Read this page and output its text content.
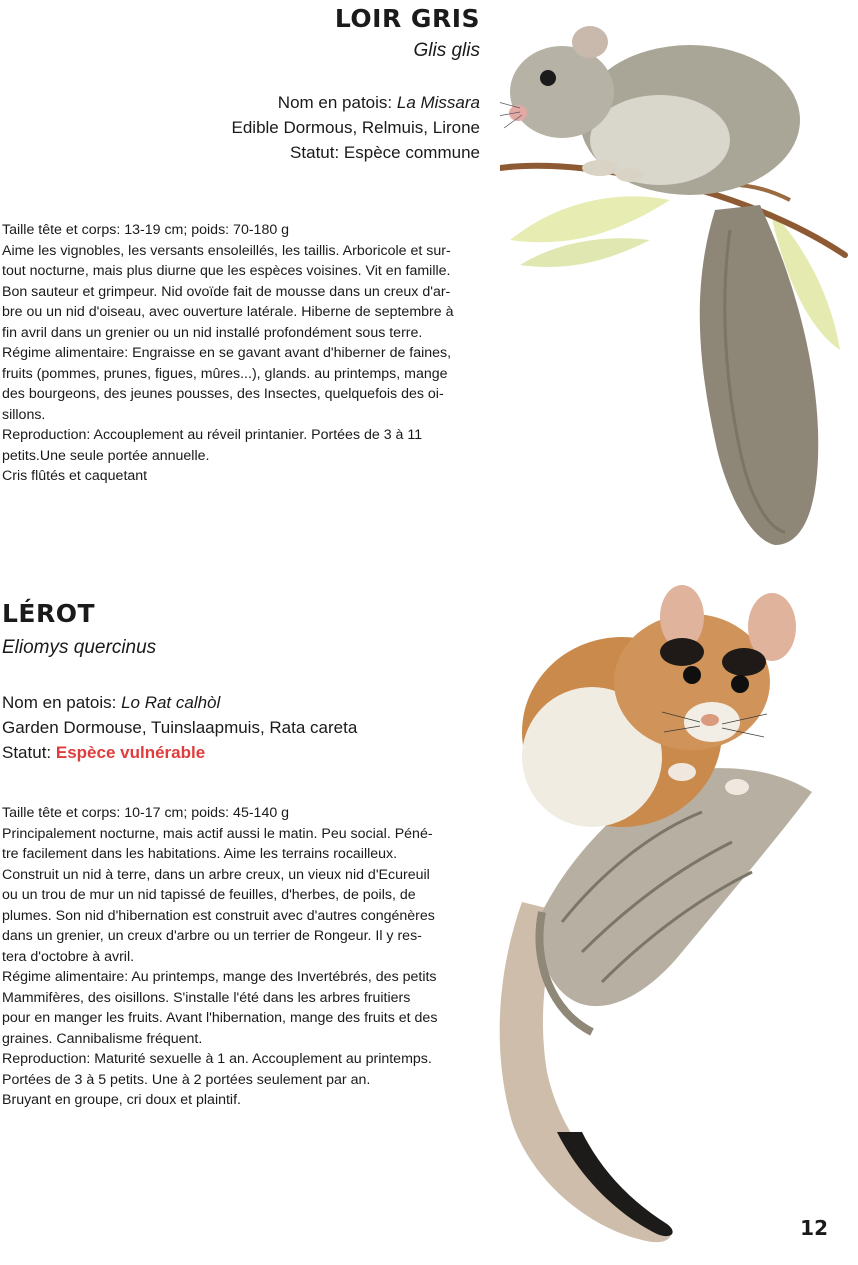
LOIR GRIS
Glis glis

Nom en patois: La Missara

Edible Dormous, Relmuis, Lirone

Statut: Espèce commune

Taille tête et corps: 13-19 cm; poids: 70-180 g

Aime les vignobles, les versants ensoleillés, les taillis. Arboricole et sur-

tout nocturne, mais plus diurne que les espèces voisines. Vit en famille.

Bon sauteur et grimpeur. Nid ovoïde fait de mousse dans un creux d'ar-

bre ou un nid d'oiseau, avec ouverture latérale. Hiberne de septembre à

fin avril dans un grenier ou un nid installé profondément sous terre.

Régime alimentaire: Engraisse en se gavant avant d'hiberner de faines,

fruits (pommes, prunes, figues, mûres...), glands. au printemps, mange

des bourgeons, des jeunes pousses, des Insectes, quelquefois des oi-

sillons.

Reproduction: Accouplement au réveil printanier. Portées de 3 à 11

petits.Une seule portée annuelle.

Cris flûtés et caquetant

LÉROT
Eliomys quercinus

Nom en patois: Lo Rat calhòl

Garden Dormouse, Tuinslaapmuis, Rata careta

Statut: Espèce vulnérable

Taille tête et corps: 10-17 cm; poids: 45-140 g

Principalement nocturne, mais actif aussi le matin. Peu social. Péné-

tre facilement dans les habitations. Aime les terrains rocailleux.

Construit un nid à terre, dans un arbre creux, un vieux nid d'Ecureuil

ou un trou de mur un nid tapissé de feuilles, d'herbes, de poils, de

plumes. Son nid d'hibernation est construit avec d'autres congénères

dans un grenier, un creux d'arbre ou un terrier de Rongeur. Il y res-

tera d'octobre à avril.

Régime alimentaire: Au printemps, mange des Invertébrés, des petits

Mammifères, des oisillons. S'installe l'été dans les arbres fruitiers

pour en manger les fruits. Avant l'hibernation, mange des fruits et des

graines. Cannibalisme fréquent.

Reproduction: Maturité sexuelle à 1 an. Accouplement au printemps.

Portées de 3 à 5 petits. Une à 2 portées seulement par an.

Bruyant en groupe, cri doux et plaintif.

12
